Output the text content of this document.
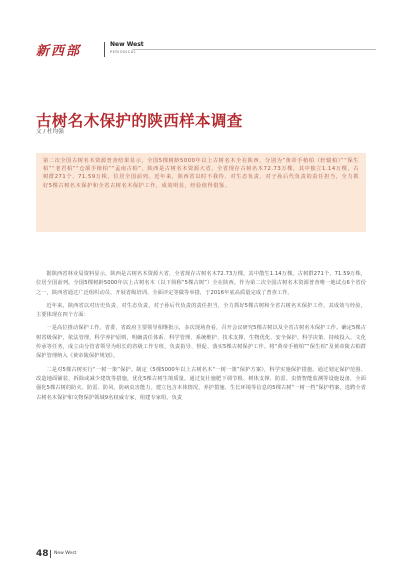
新西部	New West
PERIODICAL
古树名木保护的陕西样本调查
文 / 杜均强

第二次全国古树名木资源普查结果显示，全国5棵树龄5000年以上古树名木全在陕西，分别为“黄帝手植柏（轩辕柏）”“保生柏”“老君柏”“仓颉手植柏”“孟南古柏”，陕西是古树名木资源大省。全省现存古树名木72.73万棵，其中独立1.14万棵，古树群271个、71.59万株，位居全国前列。近年来，陕西省以时不我待、对生态负责、对子孙后代负责的责任担当，全力抓好5棵古树名木保护和全省古树名木保护工作，成效明显，经验值得借鉴。

据陕西省林业局资料显示，陕西是古树名木资源大省，全省现存古树名木72.73万棵，其中散生1.14万棵，古树群271个、71.59万株，位居全国前列。全国5棵树龄5000年以上古树名木（以下简称“5棵古树”）全在陕西。作为第二次全国古树名木资源普查唯一地试点6个省份之一，陕西省通过广泛组织动员、开展省级培训、全面评定等做等举措，于2016年底高质量完成了普查工作。

近年来，陕西省以对历史负责、对生态负责、对子孙后代负责的责任担当，全力抓好5棵古树和全省古树名木保护工作，其成效与经验，主要体现在四个方面：

一是高位推动保护工作。省委、省政府主要领导相继批示，多次现场查看，召开会议研究5棵古树以及全省古树名木保护工作。确定5棵古树省级保护，依法管理，科学养护原则，明确责任体系、科学管理、系统维护、技术支撑、生物优化、安全保护、科学决策、持续投入、文化传承等任务，成立由分管省领导为组长的省级工作专班，负责指导、督促、落实5棵古树保护工作。将“黄帝手植柏”“保生柏”及黄帝陵古柏群保护管理纳入《黄帝陵保护规划》。

二是对5棵古树实行“一树一策”保护。制定《5棵5000年以上古树名木“一树一策”保护方案》，科学实施保护措施。通过划定保护范围、改造地面铺装、拆除或减少建筑等措施，优化5棵古树生境质量。通过复壮施肥下调节根、树体支撑、防雷、虫情智能监测等设施设备，全面强化5棵古树的防火、防雷、防风、防病虫害能力。建立包含本体情况、养护措施、生长环境等信息的5棵古树“一树一档”保护档案，选聘全省古树名木保护和文物保护领域9名权威专家，组建专家组，负责

48 New West
